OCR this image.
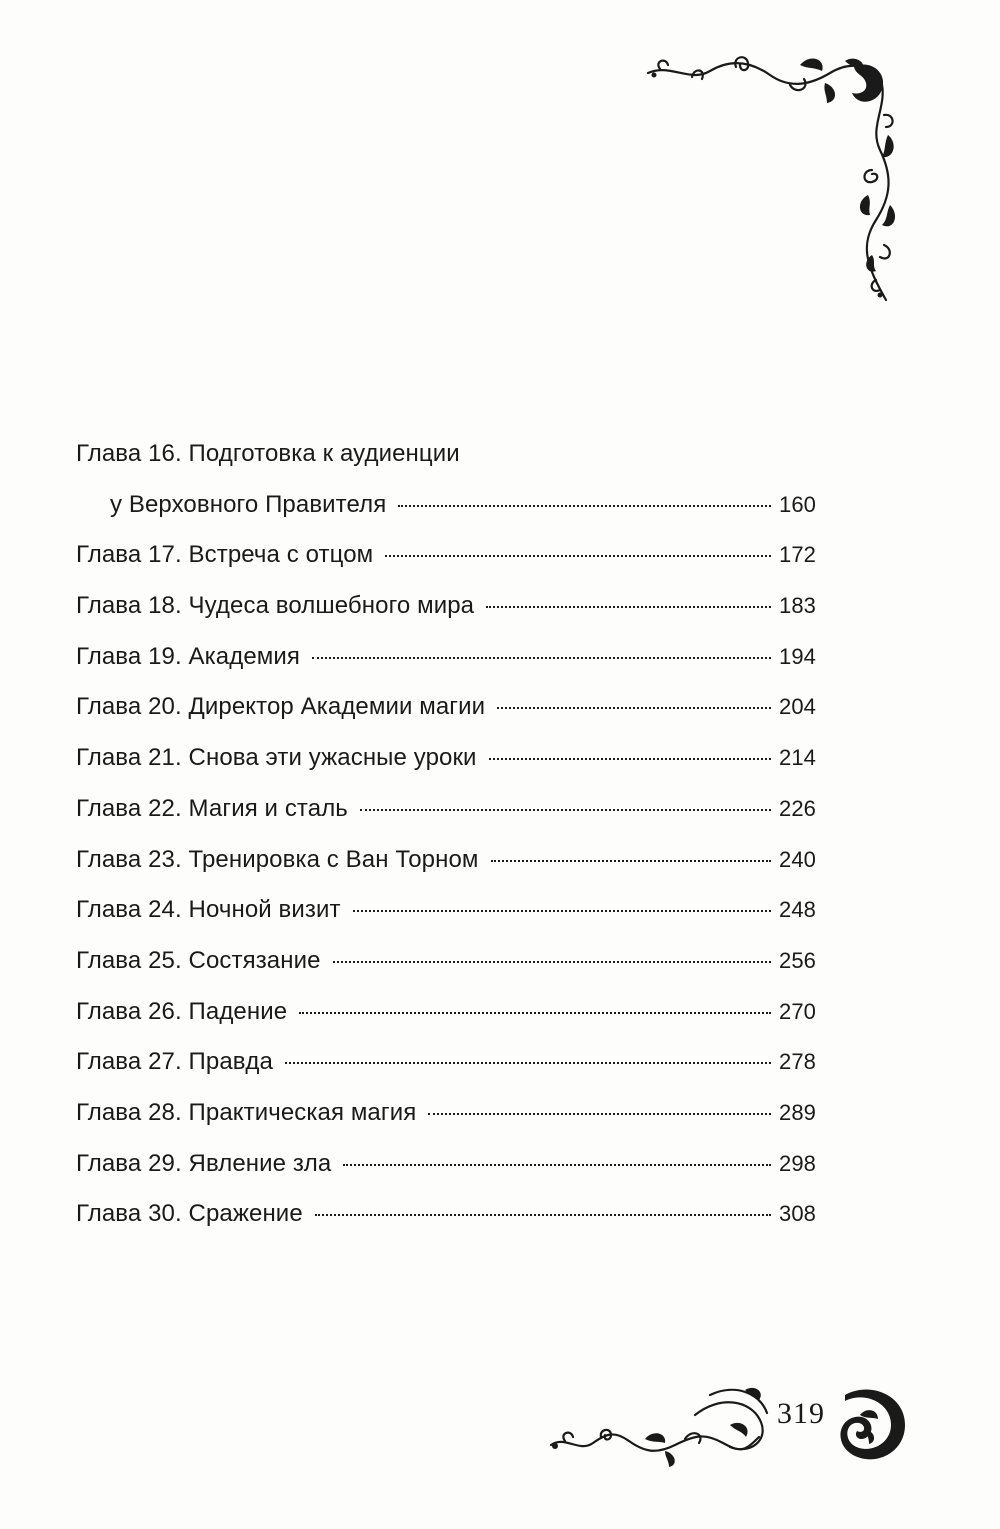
Глава 16. Подготовка к аудиенции
у Верховного Правителя	160
Глава 17. Встреча с отцом	172
Глава 18. Чудеса волшебного мира	183
Глава 19. Академия	194
Глава 20. Директор Академии магии	204
Глава 21. Снова эти ужасные уроки	214
Глава 22. Магия и сталь	226
Глава 23. Тренировка с Ван Торном	240
Глава 24. Ночной визит	248
Глава 25. Состязание	256
Глава 26. Падение	270
Глава 27. Правда	278
Глава 28. Практическая магия	289
Глава 29. Явление зла	298
Глава 30. Сражение	308
319
